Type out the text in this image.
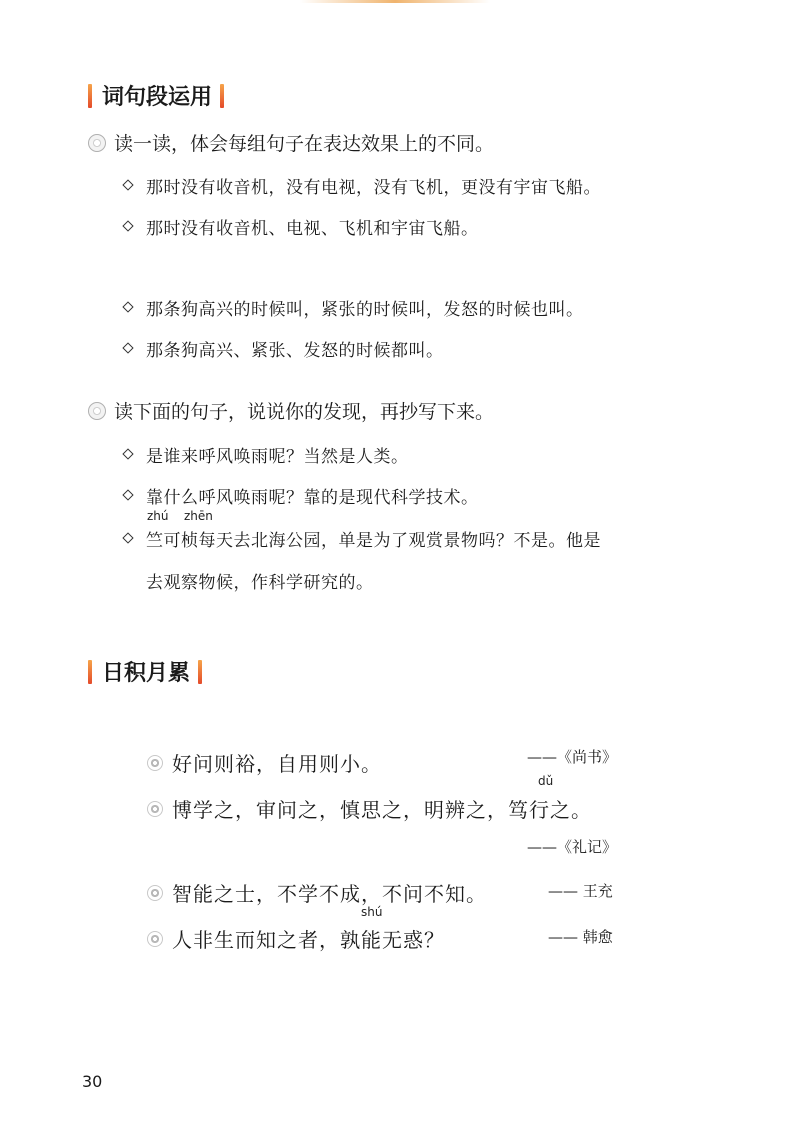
词句段运用
读一读，体会每组句子在表达效果上的不同。
那时没有收音机，没有电视，没有飞机，更没有宇宙飞船。
那时没有收音机、电视、飞机和宇宙飞船。
那条狗高兴的时候叫，紧张的时候叫，发怒的时候也叫。
那条狗高兴、紧张、发怒的时候都叫。
读下面的句子，说说你的发现，再抄写下来。
是谁来呼风唤雨呢？当然是人类。
靠什么呼风唤雨呢？靠的是现代科学技术。
zhú zhēn
竺可桢每天去北海公园，单是为了观赏景物吗？不是。他是
去观察物候，作科学研究的。
日积月累
好问则裕，自用则小。	——《尚书》
dǔ
博学之，审问之，慎思之，明辨之，笃行之。
——《礼记》
智能之士，不学不成，不问不知。	—— 王充
shú
人非生而知之者，孰能无惑？	—— 韩愈
30
